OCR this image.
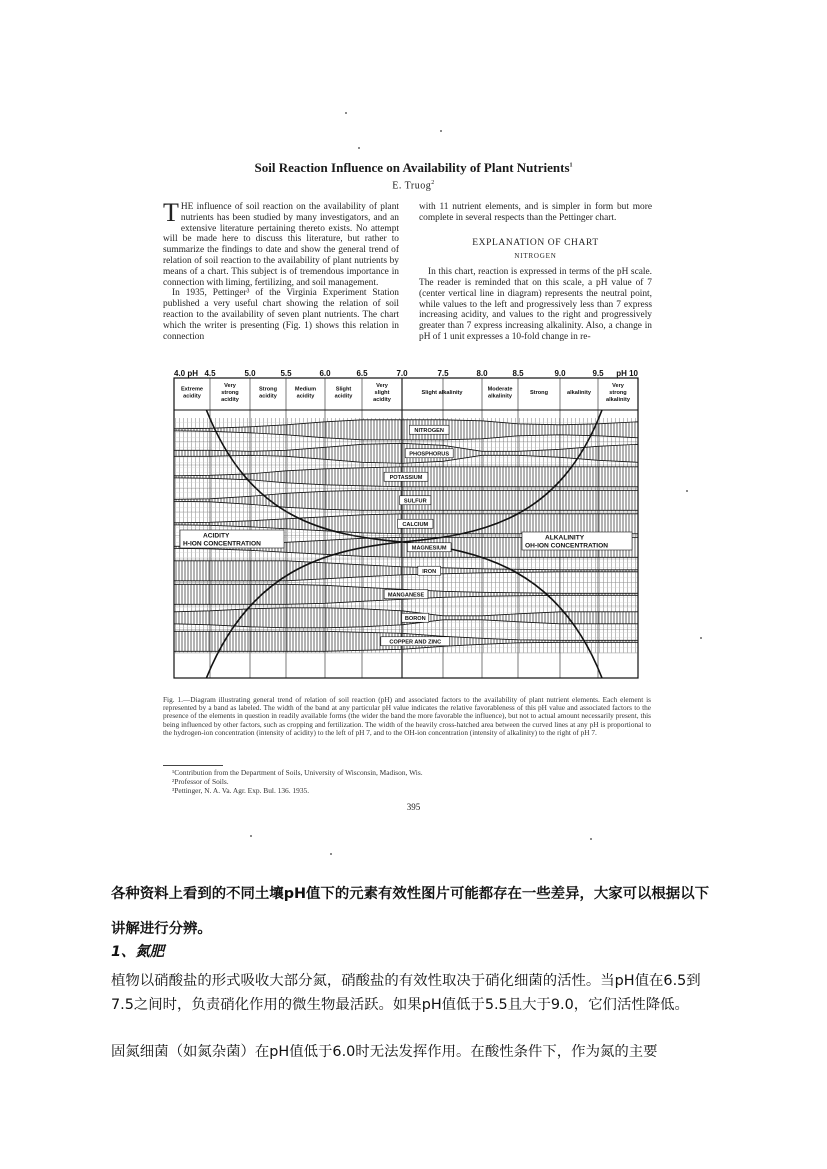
Soil Reaction Influence on Availability of Plant Nutrients$^1$
E. Truog$^2$
THE influence of soil reaction on the availability of plant nutrients has been studied by many investigators, and an extensive literature pertaining thereto exists. No attempt will be made here to discuss this literature, but rather to summarize the findings to date and show the general trend of relation of soil reaction to the availability of plant nutrients by means of a chart. This subject is of tremendous importance in connection with liming, fertilizing, and soil management.

In 1935, Pettinger³ of the Virginia Experiment Station published a very useful chart showing the relation of soil reaction to the availability of seven plant nutrients. The chart which the writer is presenting (Fig. 1) shows this relation in connection

with 11 nutrient elements, and is simpler in form but more complete in several respects than the Pettinger chart.
EXPLANATION OF CHART
NITROGEN

In this chart, reaction is expressed in terms of the pH scale. The reader is reminded that on this scale, a pH value of 7 (center vertical line in diagram) represents the neutral point, while values to the left and progressively less than 7 express increasing acidity, and values to the right and progressively greater than 7 express increasing alkalinity. Also, a change in pH of 1 unit expresses a 10-fold change in re-

4.0 pH 4.5	5.0	5.5	6.0	6.5	7.0	7.5	8.0	8.5	9.0	9.5 pH 10
Extreme
acidity
Very
strong
acidity
Strong
acidity
Medium
acidity
Slight
acidity
Very
slight
acidity
Slight alkalinity
Moderate
alkalinity
Strong	alkalinity
Very
strong
alkalinity
NITROGEN
PHOSPHORUS
POTASSIUM
SULFUR
CALCIUM
MAGNESIUM
IRON
MANGANESE
BORON
COPPER AND ZINC
ACIDITY
H-ION CONCENTRATION
ALKALINITY
OH-ION CONCENTRATION
Fig. 1.—Diagram illustrating general trend of relation of soil reaction (pH) and associated factors to the availability of plant nutrient elements. Each element is represented by a band as labeled. The width of the band at any particular pH value indicates the relative favorableness of this pH value and associated factors to the presence of the elements in question in readily available forms (the wider the band the more favorable the influence), but not to actual amount necessarily present, this being influenced by other factors, such as cropping and fertilization. The width of the heavily cross-hatched area between the curved lines at any pH is proportional to the hydrogen-ion concentration (intensity of acidity) to the left of pH 7, and to the OH-ion concentration (intensity of alkalinity) to the right of pH 7.
¹Contribution from the Department of Soils, University of Wisconsin, Madison, Wis.
²Professor of Soils.
³Pettinger, N. A. Va. Agr. Exp. Bul. 136. 1935.
395
各种资料上看到的不同土壤pH值下的元素有效性图片可能都存在一些差异，大家可以根据以下讲解进行分辨。
1、氮肥
植物以硝酸盐的形式吸收大部分氮，硝酸盐的有效性取决于硝化细菌的活性。当pH值在6.5到7.5之间时，负责硝化作用的微生物最活跃。如果pH值低于5.5且大于9.0，它们活性降低。
固氮细菌（如氮杂菌）在pH值低于6.0时无法发挥作用。在酸性条件下，作为氮的主要
